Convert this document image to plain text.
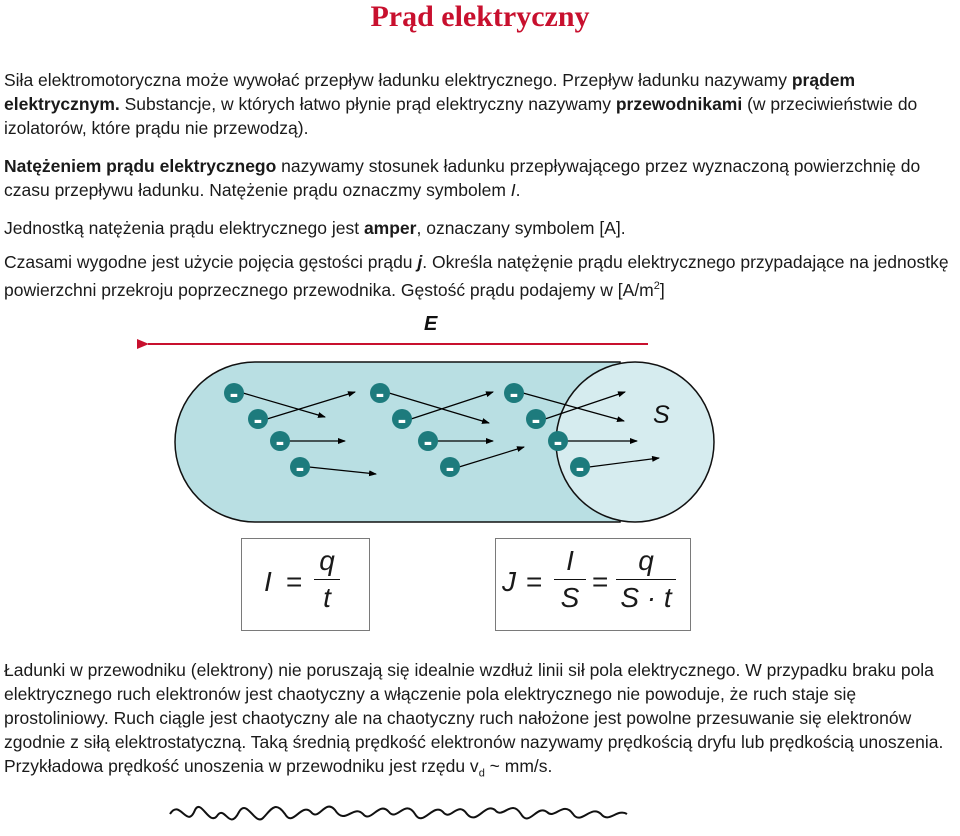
Prąd elektryczny

Siła elektromotoryczna może wywołać przepływ ładunku elektrycznego. Przepływ ładunku nazywamy prądem elektrycznym. Substancje, w których łatwo płynie prąd elektryczny nazywamy przewodnikami (w przeciwieństwie do izolatorów, które prądu nie przewodzą).

Natężeniem prądu elektrycznego nazywamy stosunek ładunku przepływającego przez wyznaczoną powierzchnię do czasu przepływu ładunku. Natężenie prądu oznaczmy symbolem I.

Jednostką natężenia prądu elektrycznego jest amper, oznaczany symbolem [A].

Czasami wygodne jest użycie pojęcia gęstości prądu j. Określa natężęnie prądu elektrycznego przypadające na jednostkę powierzchni przekroju poprzecznego przewodnika. Gęstość prądu podajemy w $[A/m^2]$

E
S
-
-
-
-
-
-
-
-
-
-
-
-
I =
q
t
J =
I
S
=
q
S · t

Ładunki w przewodniku (elektrony) nie poruszają się idealnie wzdłuż linii sił pola elektrycznego. W przypadku braku pola elektrycznego ruch elektronów jest chaotyczny a włączenie pola elektrycznego nie powoduje, że ruch staje się prostoliniowy. Ruch ciągle jest chaotyczny ale na chaotyczny ruch nałożone jest powolne przesuwanie się elektronów zgodnie z siłą elektrostatyczną. Taką średnią prędkość elektronów nazywamy prędkością dryfu lub prędkością unoszenia. Przykładowa prędkość unoszenia w przewodniku jest rzędu $v_d$ ~ mm/s.
